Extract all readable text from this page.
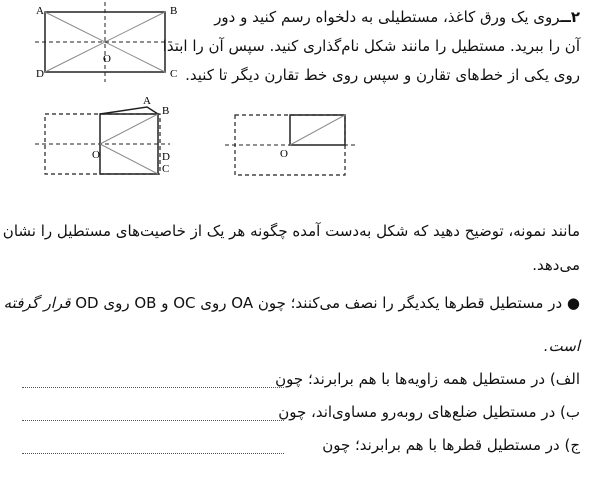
A	B
C
D
O
A
B
C
D
O	O
۲ــروی یک ورق کاغذ، مستطیلی به دلخواه رسم کنید و دور
آن را ببرید. مستطیل را مانند شکل نام‌گذاری کنید. سپس آن را ابتدا
روی یکی از خط‌های تقارن و سپس روی خط تقارن دیگر تا کنید.
مانند نمونه، توضیح دهید که شکل به‌دست آمده چگونه هر یک از خاصیت‌های مستطیل را نشان
می‌دهد.
● در مستطیل قطرها یکدیگر را نصف می‌کنند؛ چون OA روی OC و OB روی OD قرار گرفته
است.
الف) در مستطیل همه زاویه‌ها با هم برابرند؛ چون
ب) در مستطیل ضلع‌های روبه‌رو مساوی‌اند، چون
ج) در مستطیل قطرها با هم برابرند؛ چون
